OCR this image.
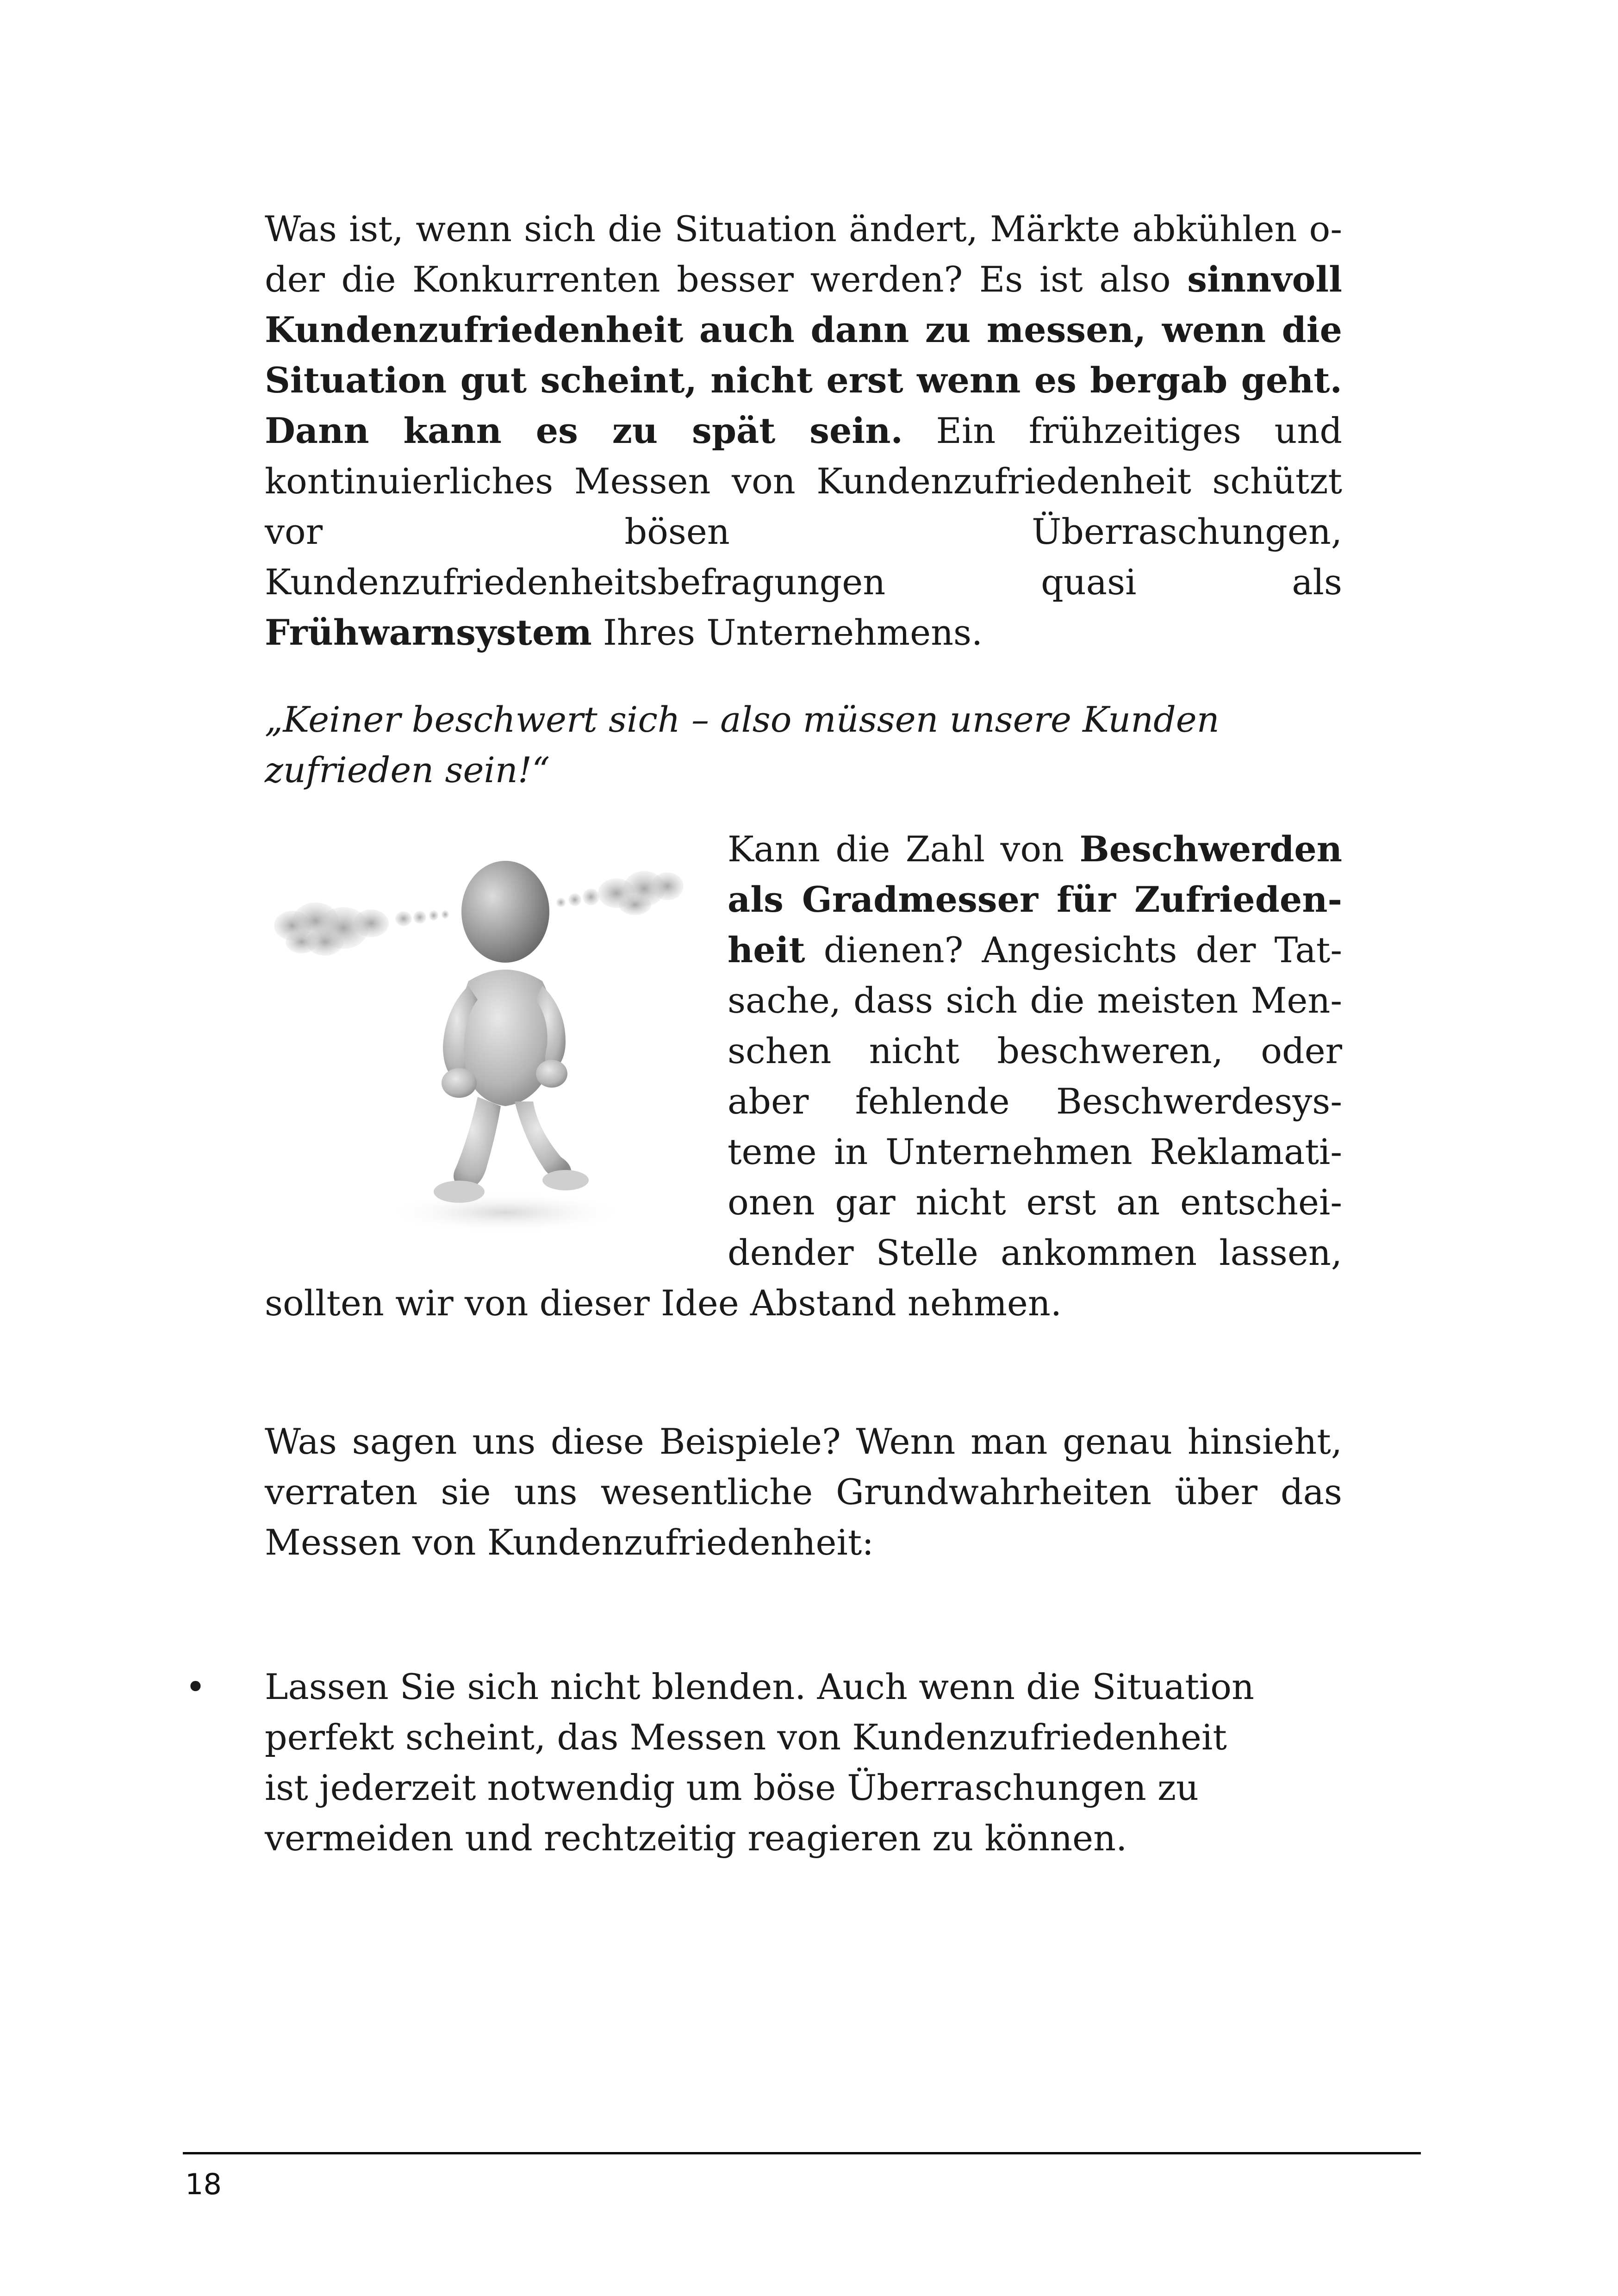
Was ist, wenn sich die Situation ändert, Märkte abkühlen oder die Konkurrenten besser werden? Es ist also sinnvoll Kundenzufriedenheit auch dann zu messen, wenn die Situation gut scheint, nicht erst wenn es bergab geht. Dann kann es zu spät sein. Ein frühzeitiges und kontinuierliches Messen von Kundenzufriedenheit schützt vor bösen Überraschungen, Kundenzufriedenheitsbefragungen quasi als Frühwarnsystem Ihres Unternehmens.
„Keiner beschwert sich – also müssen unsere Kunden zufrieden sein!“
Kann die Zahl von Beschwerden als Gradmesser für Zufriedenheit dienen? Angesichts der Tatsache, dass sich die meisten Menschen nicht beschweren, oder aber fehlende Beschwerdesysteme in Unternehmen Reklamationen gar nicht erst an entscheidender Stelle ankommen lassen, sollten wir von dieser Idee Abstand nehmen.
Was sagen uns diese Beispiele? Wenn man genau hinsieht, verraten sie uns wesentliche Grundwahrheiten über das Messen von Kundenzufriedenheit:
•	Lassen Sie sich nicht blenden. Auch wenn die Situation perfekt scheint, das Messen von Kundenzufriedenheit ist jederzeit notwendig um böse Überraschungen zu vermeiden und rechtzeitig reagieren zu können.
18
